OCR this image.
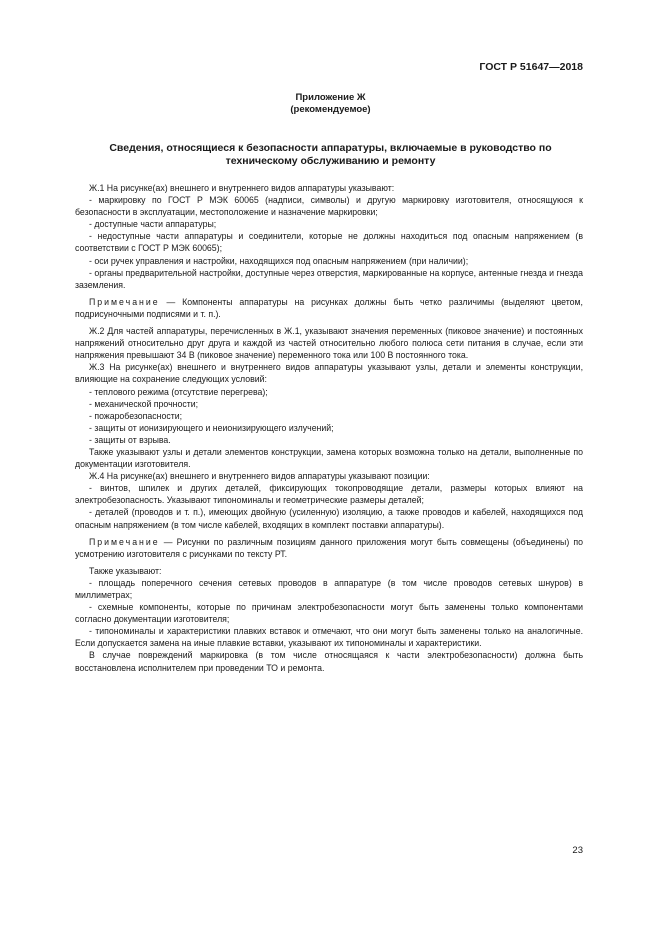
ГОСТ Р 51647—2018
Приложение Ж
(рекомендуемое)
Сведения, относящиеся к безопасности аппаратуры, включаемые в руководство по
техническому обслуживанию и ремонту

Ж.1 На рисунке(ах) внешнего и внутреннего видов аппаратуры указывают:

- маркировку по ГОСТ Р МЭК 60065 (надписи, символы) и другую маркировку изготовителя, относящуюся к безопасности в эксплуатации, местоположение и назначение маркировки;

- доступные части аппаратуры;

- недоступные части аппаратуры и соединители, которые не должны находиться под опасным напряжением (в соответствии с ГОСТ Р МЭК 60065);

- оси ручек управления и настройки, находящихся под опасным напряжением (при наличии);

- органы предварительной настройки, доступные через отверстия, маркированные на корпусе, антенные гнезда и гнезда заземления.

Примечание — Компоненты аппаратуры на рисунках должны быть четко различимы (выделяют цветом, подрисуночными подписями и т. п.).

Ж.2 Для частей аппаратуры, перечисленных в Ж.1, указывают значения переменных (пиковое значение) и постоянных напряжений относительно друг друга и каждой из частей относительно любого полюса сети питания в случае, если эти напряжения превышают 34 В (пиковое значение) переменного тока или 100 В постоянного тока.

Ж.3 На рисунке(ах) внешнего и внутреннего видов аппаратуры указывают узлы, детали и элементы конструкции, влияющие на сохранение следующих условий:

- теплового режима (отсутствие перегрева);

- механической прочности;

- пожаробезопасности;

- защиты от ионизирующего и неионизирующего излучений;

- защиты от взрыва.

Также указывают узлы и детали элементов конструкции, замена которых возможна только на детали, выполненные по документации изготовителя.

Ж.4 На рисунке(ах) внешнего и внутреннего видов аппаратуры указывают позиции:

- винтов, шпилек и других деталей, фиксирующих токопроводящие детали, размеры которых влияют на электробезопасность. Указывают типономиналы и геометрические размеры деталей;

- деталей (проводов и т. п.), имеющих двойную (усиленную) изоляцию, а также проводов и кабелей, находящихся под опасным напряжением (в том числе кабелей, входящих в комплект поставки аппаратуры).

Примечание — Рисунки по различным позициям данного приложения могут быть совмещены (объединены) по усмотрению изготовителя с рисунками по тексту РТ.

Также указывают:

- площадь поперечного сечения сетевых проводов в аппаратуре (в том числе проводов сетевых шнуров) в миллиметрах;

- схемные компоненты, которые по причинам электробезопасности могут быть заменены только компонентами согласно документации изготовителя;

- типономиналы и характеристики плавких вставок и отмечают, что они могут быть заменены только на аналогичные. Если допускается замена на иные плавкие вставки, указывают их типономиналы и характеристики.

В случае повреждений маркировка (в том числе относящаяся к части электробезопасности) должна быть восстановлена исполнителем при проведении ТО и ремонта.

23
